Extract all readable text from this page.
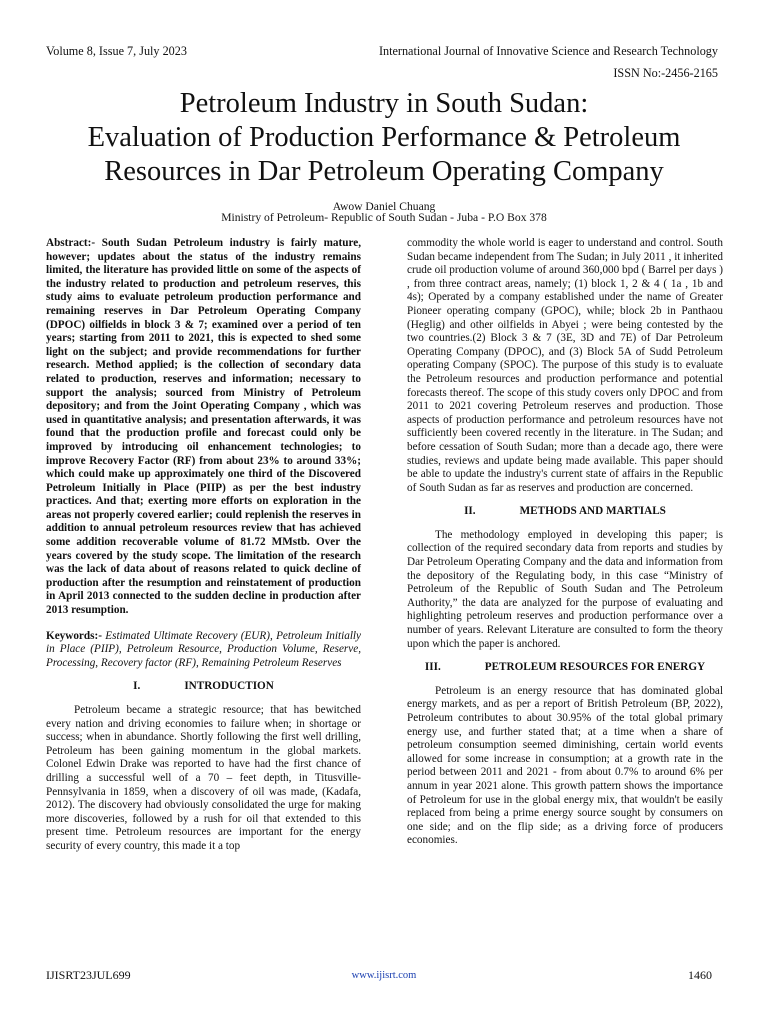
Volume 8, Issue 7, July 2023	International Journal of Innovative Science and Research Technology
ISSN No:-2456-2165
Petroleum Industry in South Sudan:
Evaluation of Production Performance & Petroleum
Resources in Dar Petroleum Operating Company
Awow Daniel Chuang
Ministry of Petroleum- Republic of South Sudan - Juba - P.O Box 378

Abstract:- South Sudan Petroleum industry is fairly mature, however; updates about the status of the industry remains limited, the literature has provided little on some of the aspects of the industry related to production and petroleum reserves, this study aims to evaluate petroleum production performance and remaining reserves in Dar Petroleum Operating Company (DPOC) oilfields in block 3 & 7; examined over a period of ten years; starting from 2011 to 2021, this is expected to shed some light on the subject; and provide recommendations for further research. Method applied; is the collection of secondary data related to production, reserves and information; necessary to support the analysis; sourced from Ministry of Petroleum depository; and from the Joint Operating Company , which was used in quantitative analysis; and presentation afterwards, it was found that the production profile and forecast could only be improved by introducing oil enhancement technologies; to improve Recovery Factor (RF) from about 23% to around 33%; which could make up approximately one third of the Discovered Petroleum Initially in Place (PIIP) as per the best industry practices. And that; exerting more efforts on exploration in the areas not properly covered earlier; could replenish the reserves in addition to annual petroleum resources review that has achieved some addition recoverable volume of 81.72 MMstb. Over the years covered by the study scope. The limitation of the research was the lack of data about of reasons related to quick decline of production after the resumption and reinstatement of production in April 2013 connected to the sudden decline in production after 2013 resumption.

Keywords:- Estimated Ultimate Recovery (EUR), Petroleum Initially in Place (PIIP), Petroleum Resource, Production Volume, Reserve, Processing, Recovery factor (RF), Remaining Petroleum Reserves

I.	INTRODUCTION

Petroleum became a strategic resource; that has bewitched every nation and driving economies to failure when; in shortage or success; when in abundance. Shortly following the first well drilling, Petroleum has been gaining momentum in the global markets. Colonel Edwin Drake was reported to have had the first chance of drilling a successful well of a 70 – feet depth, in Titusville- Pennsylvania in 1859, when a discovery of oil was made, (Kadafa, 2012). The discovery had obviously consolidated the urge for making more discoveries, followed by a rush for oil that extended to this present time. Petroleum resources are important for the energy security of every country, this made it a top

commodity the whole world is eager to understand and control. South Sudan became independent from The Sudan; in July 2011 , it inherited crude oil production volume of around 360,000 bpd ( Barrel per days ) , from three contract areas, namely; (1) block 1, 2 & 4 ( 1a , 1b and 4s); Operated by a company established under the name of Greater Pioneer operating company (GPOC), while; block 2b in Panthaou (Heglig) and other oilfields in Abyei ; were being contested by the two countries.(2) Block 3 & 7 (3E, 3D and 7E) of Dar Petroleum Operating Company (DPOC), and (3) Block 5A of Sudd Petroleum operating Company (SPOC). The purpose of this study is to evaluate the Petroleum resources and production performance and potential forecasts thereof. The scope of this study covers only DPOC and from 2011 to 2021 covering Petroleum reserves and production. Those aspects of production performance and petroleum resources have not sufficiently been covered recently in the literature. in The Sudan; and before cessation of South Sudan; more than a decade ago, there were studies, reviews and update being made available. This paper should be able to update the industry's current state of affairs in the Republic of South Sudan as far as reserves and production are concerned.

II.	METHODS AND MARTIALS

The methodology employed in developing this paper; is collection of the required secondary data from reports and studies by Dar Petroleum Operating Company and the data and information from the depository of the Regulating body, in this case “Ministry of Petroleum of the Republic of South Sudan and The Petroleum Authority,” the data are analyzed for the purpose of evaluating and highlighting petroleum reserves and production performance over a number of years. Relevant Literature are consulted to form the theory upon which the paper is anchored.

III.	PETROLEUM RESOURCES FOR ENERGY

Petroleum is an energy resource that has dominated global energy markets, and as per a report of British Petroleum (BP, 2022), Petroleum contributes to about 30.95% of the total global primary energy use, and further stated that; at a time when a share of petroleum consumption seemed diminishing, certain world events allowed for some increase in consumption; at a growth rate in the period between 2011 and 2021 - from about 0.7% to around 6% per annum in year 2021 alone. This growth pattern shows the importance of Petroleum for use in the global energy mix, that wouldn't be easily replaced from being a prime energy source sought by consumers on one side; and on the flip side; as a driving force of producers economies.

IJISRT23JUL699	www.ijisrt.com	1460
